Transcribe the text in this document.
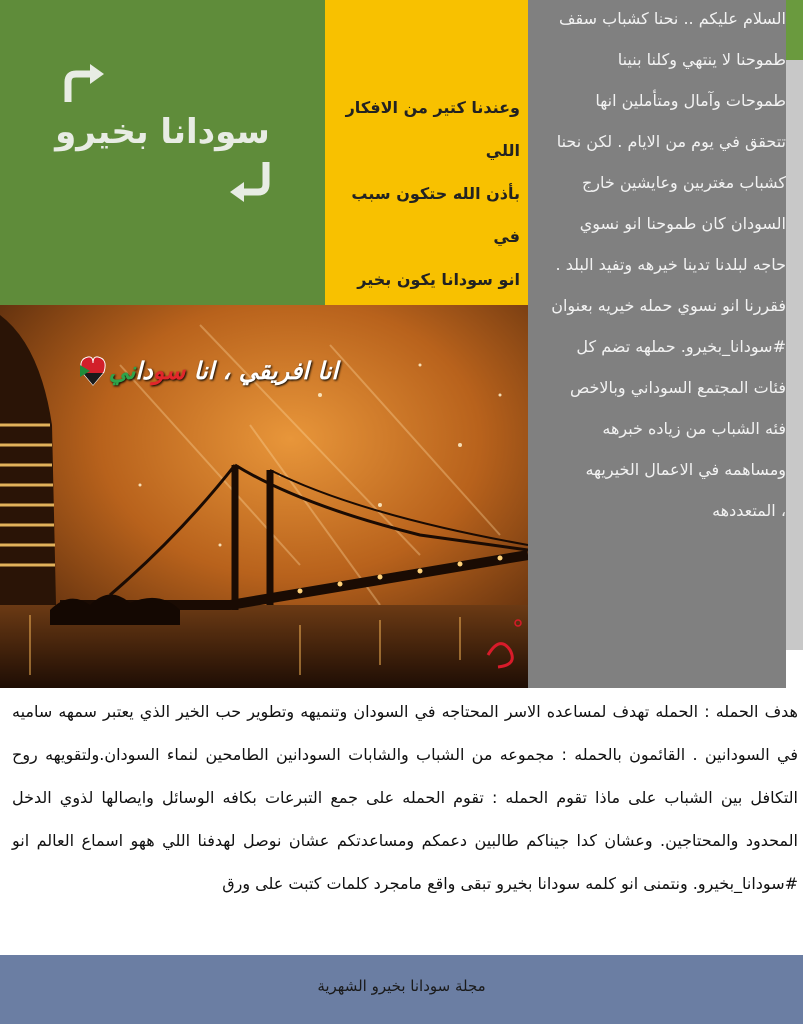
سودانا بخيرو
وعندنا كتير من الافكار اللي
بأذن الله حتكون سبب في
انو سودانا يكون بخير
انا افريقي ، انا سوداني
السلام عليكم .. نحنا كشباب سقف
طموحنا لا ينتهي وكلنا بنينا
طموحات وآمال ومتأملين انها
تتحقق في يوم من الايام . لكن نحنا
كشباب مغتربين وعايشين خارج
السودان كان طموحنا انو نسوي
حاجه لبلدنا تدينا خيرهه وتفيد البلد .
فقررنا انو نسوي حمله خيريه بعنوان
#سودانا_بخيرو. حملهه تضم كل
فئات المجتمع السوداني وبالاخص
فئه الشباب من زياده خبرهه
ومساهمه في الاعمال الخيريهه
، المتعددهه
هدف الحمله : الحمله تهدف لمساعده الاسر المحتاجه في السودان وتنميهه وتطوير حب الخير الذي يعتبر سمهه ساميه في السودانين . القائمون بالحمله : مجموعه من الشباب والشابات السودانين الطامحين لنماء السودان.ولتقويهه روح التكافل بين الشباب على ماذا تقوم الحمله : تقوم الحمله على جمع التبرعات بكافه الوسائل وايصالها لذوي الدخل المحدود والمحتاجين. وعشان كدا جيناكم طالبين دعمكم ومساعدتكم عشان نوصل لهدفنا اللي ههو اسماع العالم انو #سودانا_بخيرو. ونتمنى انو كلمه سودانا بخيرو تبقى واقع مامجرد كلمات كتبت على ورق
مجلة سودانا بخيرو الشهرية
